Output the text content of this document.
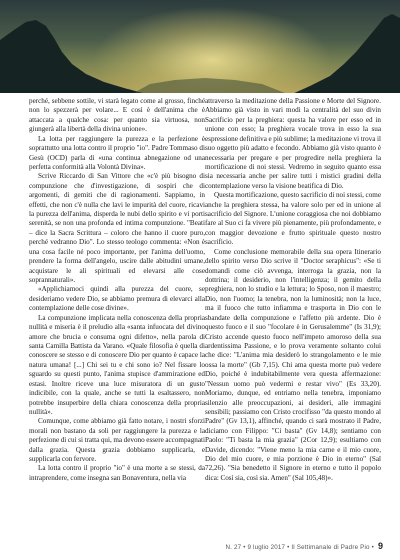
perché, sebbene sottile, vi starà legato come al grosso, finché non lo spezzerà per volare... E così è dell'anima che è attaccata a qualche cosa: per quanto sia virtuosa, non giungerà alla libertà della divina unione».

La lotta per raggiungere la purezza e la perfezione è soprattutto una lotta contro il proprio "io". Padre Tommaso di Gesù (OCD) parla di «una continua abnegazione od una perfetta conformità alla Volontà Divina».

Scrive Riccardo di San Vittore che «c'è più bisogno di compunzione che d'investigazione, di sospiri che di argomenti, di gemiti che di ragionamenti. Sappiamo, in effetti, che non c'è nulla che lavi le impurità del cuore, ricavi la purezza dell'anima, disperda le nubi dello spirito e vi porti serenità, se non una profonda ed intima compunzione. "Beati – dice la Sacra Scrittura – coloro che hanno il cuore puro, perché vedranno Dio". Lo stesso teologo commenta: «Non è una cosa facile né poco importante, per l'anima dell'uomo, prendere la forma dell'angelo, uscire dalle abitudini umane, acquistare le ali spirituali ed elevarsi alle cose soprannaturali».

«Applichiamoci quindi alla purezza del cuore, se desideriamo vedere Dio, se abbiamo premura di elevarci alla contemplazione delle cose divine».

La compunzione implicata nella conoscenza della propria nullità e miseria è il preludio alla «santa infuocata del divino amore che brucia e consuma ogni difetto», nella parola di santa Camilla Battista da Varano. «Quale filosofia è quella di conoscere se stesso e di conoscere Dio per quanto è capace la natura umana! [...] Chi sei tu e chi sono io? Nel fissare lo sguardo su questi punto, l'anima stupisce d'ammirazione ed estasi. Inoltre riceve una luce misuratora di un gusto indicibile, con la quale, anche se tutti la esaltassero, non potrebbe insuperbire della chiara conoscenza della propria nullità».

Comunque, come abbiamo già fatto notare, i nostri sforzi morali non bastano da soli per raggiungere la purezza e la perfezione di cui si tratta qui, ma devono essere accompagnati dalla grazia. Questa grazia dobbiamo supplicarla, e supplicarla con fervore.

La lotta contro il proprio "io" è una morte a se stessi, da intraprendere, come insegna san Bonaventura, nella via

attraverso la meditazione della Passione e Morte del Signore. Abbiamo già visto in vari modi la centralità del suo divin Sacrificio per la preghiera: questa ha valore per esso ed in unione con esso; la preghiera vocale trova in esso la sua espressione definitiva e più sublime; la meditazione vi trova il suo oggetto più adatto e fecondo. Abbiamo già visto quanto è necessaria per pregare e per progredire nella preghiera la mortificazione di noi stessi. Vedremo in seguito quanto essa sia necessaria anche per salire tutti i mistici gradini della contemplazione verso la visione beatifica di Dio.

Questa mortificazione, questo sacrificio di noi stessi, come anche la preghiera stessa, ha valore solo per ed in unione al sacrificio del Signore. L'unione coraggiosa che noi dobbiamo fare al Suo ci fa vivere più pienamente, più profondamente, e con maggior devozione e frutto spirituale questo nostro sacrificio.

Come conclusione memorabile della sua opera Itinerario dello spirito verso Dio scrive il "Doctor seraphicus": «Se ti domandi come ciò avvenga, interroga la grazia, non la dottrina; il desiderio, non l'intelligenza; il gemito della preghiera, non lo studio e la lettura; lo Sposo, non il maestro; Dio, non l'uomo; la tenebra, non la luminosità; non la luce, ma il fuoco che tutto infiamma e trasporta in Dio con le sbandate della compunzione e l'affetto più ardente. Dio è questo fuoco e il suo "focolare è in Gerusalemme" (Is 31,9); Cristo accende questo fuoco nell'impeto amoroso della sua ardentissima Passione, e lo prova veramente soltanto colui che dice: "L'anima mia desiderò lo strangolamento e le mie ossa la morte" (Gb 7,15). Chi ama questa morte può vedere Dio, poiché è indubitabilmente vera questa affermazione: "Nessun uomo può vedermi e restar vivo" (Es 33,20). Moriamo, dunque, ed entriamo nella tenebra, imponiamo silenzio alle preoccupazioni, ai desideri, alle immagini sensibili; passiamo con Cristo crocifisso "da questo mondo al Padre" (Gv 13,1), affinché, quando ci sarà mostrato il Padre, diciamo con Filippo: "Ci basta" (Gv 14,8); sentiamo con Paolo: "Ti basta la mia grazia" (2Cor 12,9); esultiamo con Davide, dicendo: "Viene meno la mia carne e il mio cuore, Dio del mio cuore, e mia porzione è Dio in eterno" (Sal 72,26). "Sia benedetto il Signore in eterno e tutto il popolo dica: Così sia, così sia. Amen" (Sal 105,48)».

N. 27 • 9 luglio 2017 • Il Settimanale di Padre Pio • 9
